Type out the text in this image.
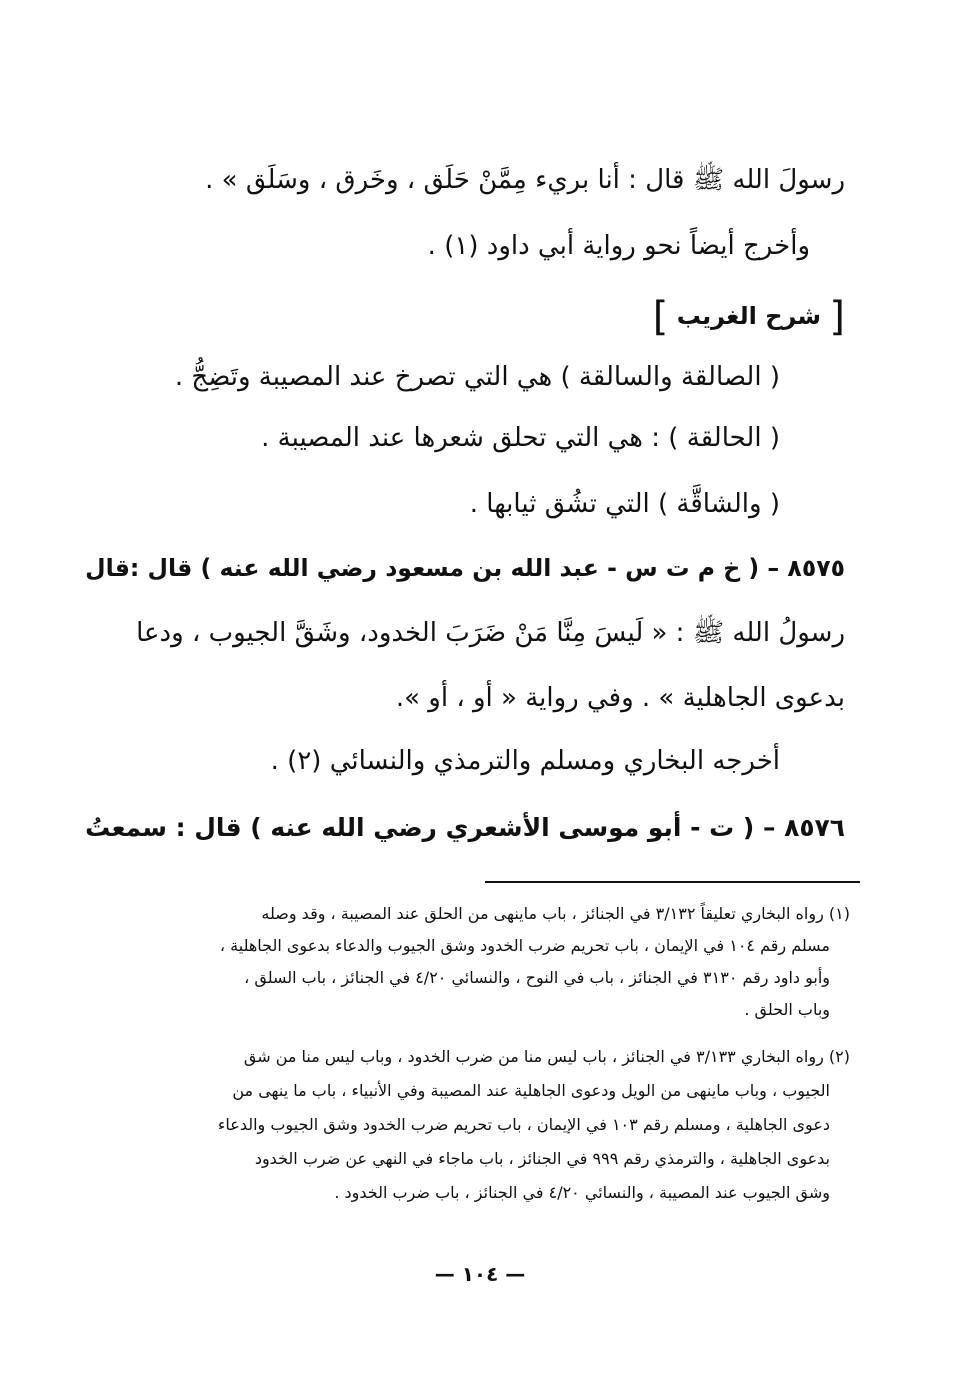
رسولَ الله ﷺ قال : أنا بريء مِمَّنْ حَلَق ، وخَرق ، وسَلَق » .
وأخرج أيضاً نحو رواية أبي داود (١) .
[ شرح الغريب ]
( الصالقة والسالقة ) هي التي تصرخ عند المصيبة وتَضِجُّ .
( الحالقة ) : هي التي تحلق شعرها عند المصيبة .
( والشاقَّة ) التي تشُق ثيابها .
٨٥٧٥ – ( خ م ت س - عبد الله بن مسعود رضي الله عنه ) قال :قال
رسولُ الله ﷺ : « لَيسَ مِنَّا مَنْ ضَرَبَ الخدود، وشَقَّ الجيوب ، ودعا
بدعوى الجاهلية » . وفي رواية « أو ، أو ».
أخرجه البخاري ومسلم والترمذي والنسائي (٢) .
٨٥٧٦ – ( ت - أبو موسى الأشعري رضي الله عنه ) قال : سمعتُ
(١) رواه البخاري تعليقاً ٣/١٣٢ في الجنائز ، باب ماينهى من الحلق عند المصيبة ، وقد وصله
مسلم رقم ١٠٤ في الإيمان ، باب تحريم ضرب الخدود وشق الجيوب والدعاء بدعوى الجاهلية ،
وأبو داود رقم ٣١٣٠ في الجنائز ، باب في النوح ، والنسائي ٤/٢٠ في الجنائز ، باب السلق ،
وباب الحلق .
(٢) رواه البخاري ٣/١٣٣ في الجنائز ، باب ليس منا من ضرب الخدود ، وباب ليس منا من شق
الجيوب ، وباب ماينهى من الويل ودعوى الجاهلية عند المصيبة وفي الأنبياء ، باب ما ينهى من
دعوى الجاهلية ، ومسلم رقم ١٠٣ في الإيمان ، باب تحريم ضرب الخدود وشق الجيوب والدعاء
بدعوى الجاهلية ، والترمذي رقم ٩٩٩ في الجنائز ، باب ماجاء في النهي عن ضرب الخدود
وشق الجيوب عند المصيبة ، والنسائي ٤/٢٠ في الجنائز ، باب ضرب الخدود .
— ١٠٤ —
